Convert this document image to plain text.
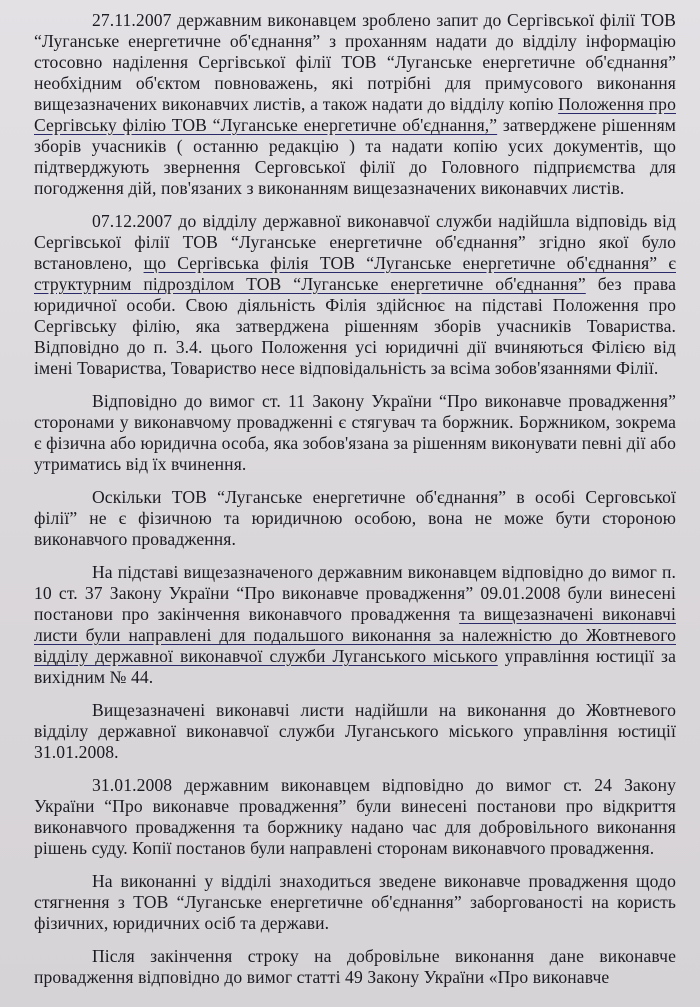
27.11.2007 державним виконавцем зроблено запит до Сергівської філії ТОВ “Луганське енергетичне об'єднання” з проханням надати до відділу інформацію стосовно наділення Сергівської філії ТОВ “Луганське енергетичне об'єднання” необхідним об'єктом повноважень, які потрібні для примусового виконання вищезазначених виконавчих листів, а також надати до відділу копію Положення про Сергівську філію ТОВ “Луганське енергетичне об'єднання,” затверджене рішенням зборів учасників ( останню редакцію ) та надати копію усих документів, що підтверджують звернення Серговської філії до Головного підприємства для погодження дій, пов'язаних з виконанням вищезазначених виконавчих листів.

07.12.2007 до відділу державної виконавчої служби надійшла відповідь від Сергівської філії ТОВ “Луганське енергетичне об'єднання” згідно якої було встановлено, що Сергівська філія ТОВ “Луганське енергетичне об'єднання” є структурним підрозділом ТОВ “Луганське енергетичне об'єднання” без права юридичної особи. Свою діяльність Філія здійснює на підставі Положення про Сергівську філію, яка затверджена рішенням зборів учасників Товариства. Відповідно до п. 3.4. цього Положення усі юридичні дії вчиняються Філією від імені Товариства, Товариство несе відповідальність за всіма зобов'язаннями Філії.

Відповідно до вимог ст. 11 Закону України “Про виконавче провадження” сторонами у виконавчому провадженні є стягувач та боржник. Боржником, зокрема є фізична або юридична особа, яка зобов'язана за рішенням виконувати певні дії або утриматись від їх вчинення.

Оскільки ТОВ “Луганське енергетичне об'єднання” в особі Серговської філії” не є фізичною та юридичною особою, вона не може бути стороною виконавчого провадження.

На підставі вищезазначеного державним виконавцем відповідно до вимог п. 10 ст. 37 Закону України “Про виконавче провадження” 09.01.2008 були винесені постанови про закінчення виконавчого провадження та вищезазначені виконавчі листи були направлені для подальшого виконання за належністю до Жовтневого відділу державної виконавчої служби Луганського міського управління юстиції за вихідним № 44.

Вищезазначені виконавчі листи надійшли на виконання до Жовтневого відділу державної виконавчої служби Луганського міського управління юстиції 31.01.2008.

31.01.2008 державним виконавцем відповідно до вимог ст. 24 Закону України “Про виконавче провадження” були винесені постанови про відкриття виконавчого провадження та боржнику надано час для добровільного виконання рішень суду. Копії постанов були направлені сторонам виконавчого провадження.

На виконанні у відділі знаходиться зведене виконавче провадження щодо стягнення з ТОВ “Луганське енергетичне об'єднання” заборгованості на користь фізичних, юридичних осіб та держави.

Після закінчення строку на добровільне виконання дане виконавче провадження відповідно до вимог статті 49 Закону України «Про виконавче
